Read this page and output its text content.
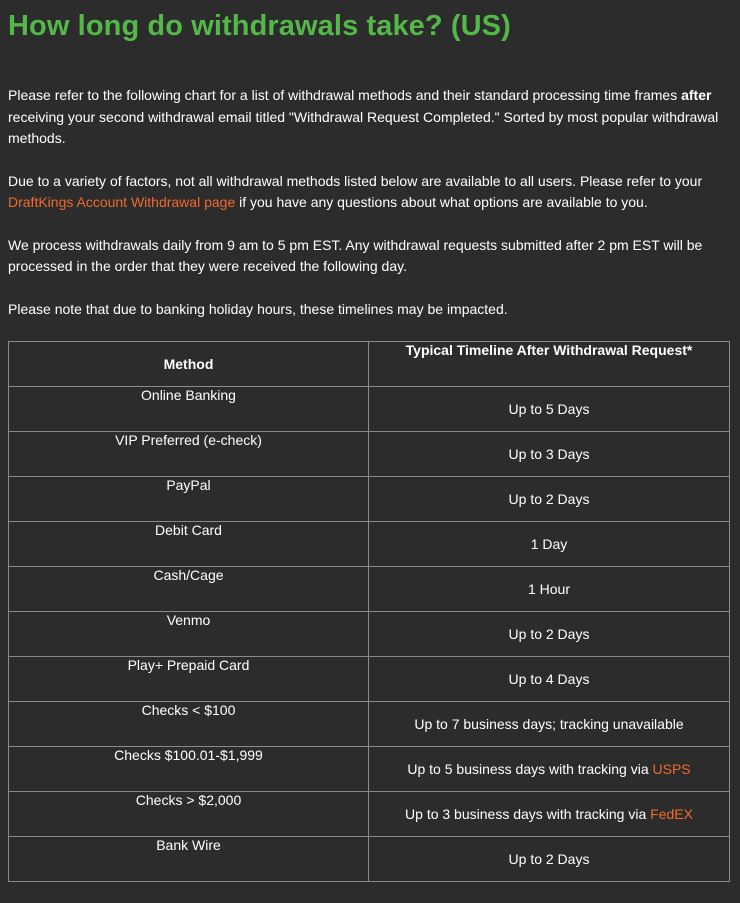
How long do withdrawals take? (US)

Please refer to the following chart for a list of withdrawal methods and their standard processing time frames after receiving your second withdrawal email titled "Withdrawal Request Completed." Sorted by most popular withdrawal methods.

Due to a variety of factors, not all withdrawal methods listed below are available to all users. Please refer to your DraftKings Account Withdrawal page if you have any questions about what options are available to you.

We process withdrawals daily from 9 am to 5 pm EST. Any withdrawal requests submitted after 2 pm EST will be processed in the order that they were received the following day.

Please note that due to banking holiday hours, these timelines may be impacted.

Method	Typical Timeline After Withdrawal Request*
Online Banking	Up to 5 Days
VIP Preferred (e-check)	Up to 3 Days
PayPal	Up to 2 Days
Debit Card	1 Day
Cash/Cage	1 Hour
Venmo	Up to 2 Days
Play+ Prepaid Card	Up to 4 Days
Checks < $100	Up to 7 business days; tracking unavailable
Checks $100.01-$1,999	Up to 5 business days with tracking via USPS
Checks > $2,000	Up to 3 business days with tracking via FedEX
Bank Wire	Up to 2 Days
